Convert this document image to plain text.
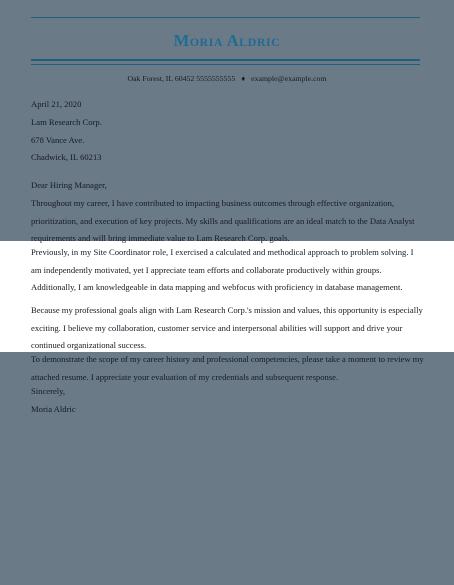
Moria Aldric
Oak Forest, IL 60452 5555555555 ♦ example@example.com
April 21, 2020

Lam Research Corp.

678 Vance Ave.

Chadwick, IL 60213

Dear Hiring Manager,
Throughout my career, I have contributed to impacting business outcomes through effective organization, prioritization, and execution of key projects. My skills and qualifications are an ideal match to the Data Analyst requirements and will bring immediate value to Lam Research Corp. goals.
Previously, in my Site Coordinator role, I exercised a calculated and methodical approach to problem solving. I am independently motivated, yet I appreciate team efforts and collaborate productively within groups. Additionally, I am knowledgeable in data mapping and webfocus with proficiency in database management.
Because my professional goals align with Lam Research Corp.'s mission and values, this opportunity is especially exciting. I believe my collaboration, customer service and interpersonal abilities will support and drive your continued organizational success.
To demonstrate the scope of my career history and professional competencies, please take a moment to review my attached resume. I appreciate your evaluation of my credentials and subsequent response.

Sincerely,

Moria Aldric
